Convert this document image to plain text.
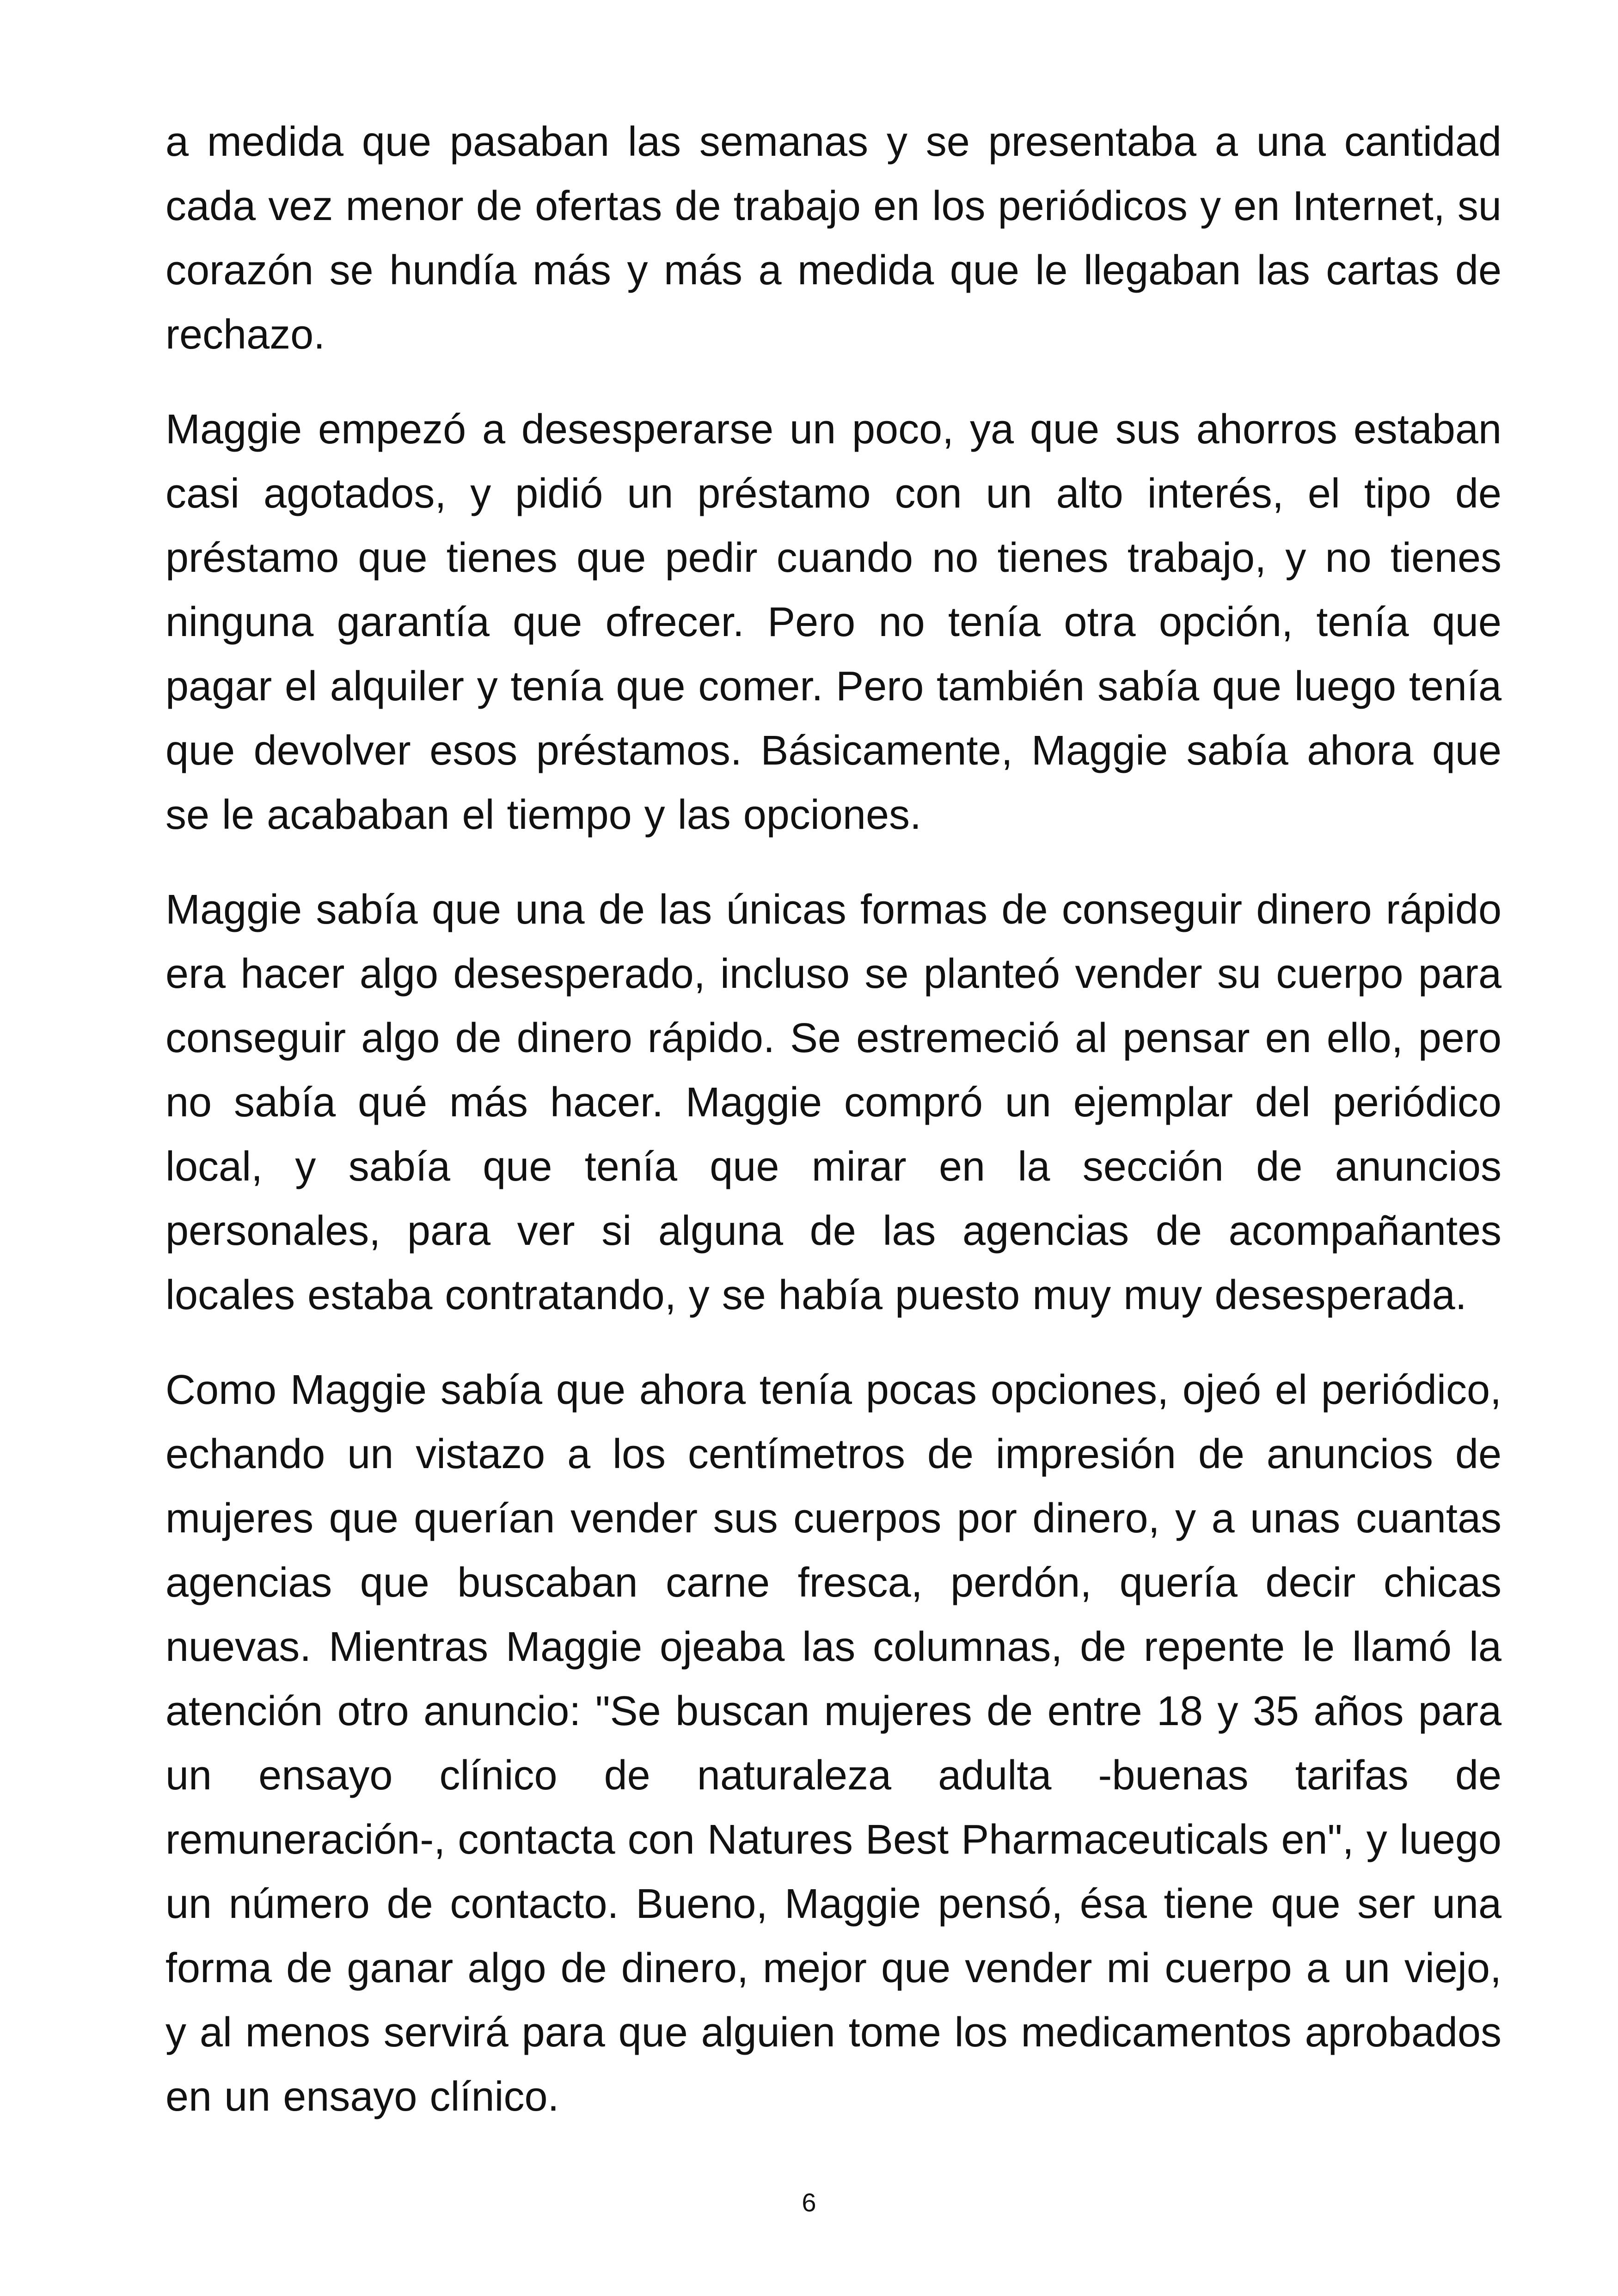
a medida que pasaban las semanas y se presentaba a una cantidad cada vez menor de ofertas de trabajo en los periódicos y en Internet, su corazón se hundía más y más a medida que le llegaban las cartas de rechazo.

Maggie empezó a desesperarse un poco, ya que sus ahorros estaban casi agotados, y pidió un préstamo con un alto interés, el tipo de préstamo que tienes que pedir cuando no tienes trabajo, y no tienes ninguna garantía que ofrecer. Pero no tenía otra opción, tenía que pagar el alquiler y tenía que comer. Pero también sabía que luego tenía que devolver esos préstamos. Básicamente, Maggie sabía ahora que se le acababan el tiempo y las opciones.

Maggie sabía que una de las únicas formas de conseguir dinero rápido era hacer algo desesperado, incluso se planteó vender su cuerpo para conseguir algo de dinero rápido. Se estremeció al pensar en ello, pero no sabía qué más hacer. Maggie compró un ejemplar del periódico local, y sabía que tenía que mirar en la sección de anuncios personales, para ver si alguna de las agencias de acompañantes locales estaba contratando, y se había puesto muy muy desesperada.

Como Maggie sabía que ahora tenía pocas opciones, ojeó el periódico, echando un vistazo a los centímetros de impresión de anuncios de mujeres que querían vender sus cuerpos por dinero, y a unas cuantas agencias que buscaban carne fresca, perdón, quería decir chicas nuevas. Mientras Maggie ojeaba las columnas, de repente le llamó la atención otro anuncio: "Se buscan mujeres de entre 18 y 35 años para un ensayo clínico de naturaleza adulta -buenas tarifas de remuneración-, contacta con Natures Best Pharmaceuticals en", y luego un número de contacto. Bueno, Maggie pensó, ésa tiene que ser una forma de ganar algo de dinero, mejor que vender mi cuerpo a un viejo, y al menos servirá para que alguien tome los medicamentos aprobados en un ensayo clínico.

6
